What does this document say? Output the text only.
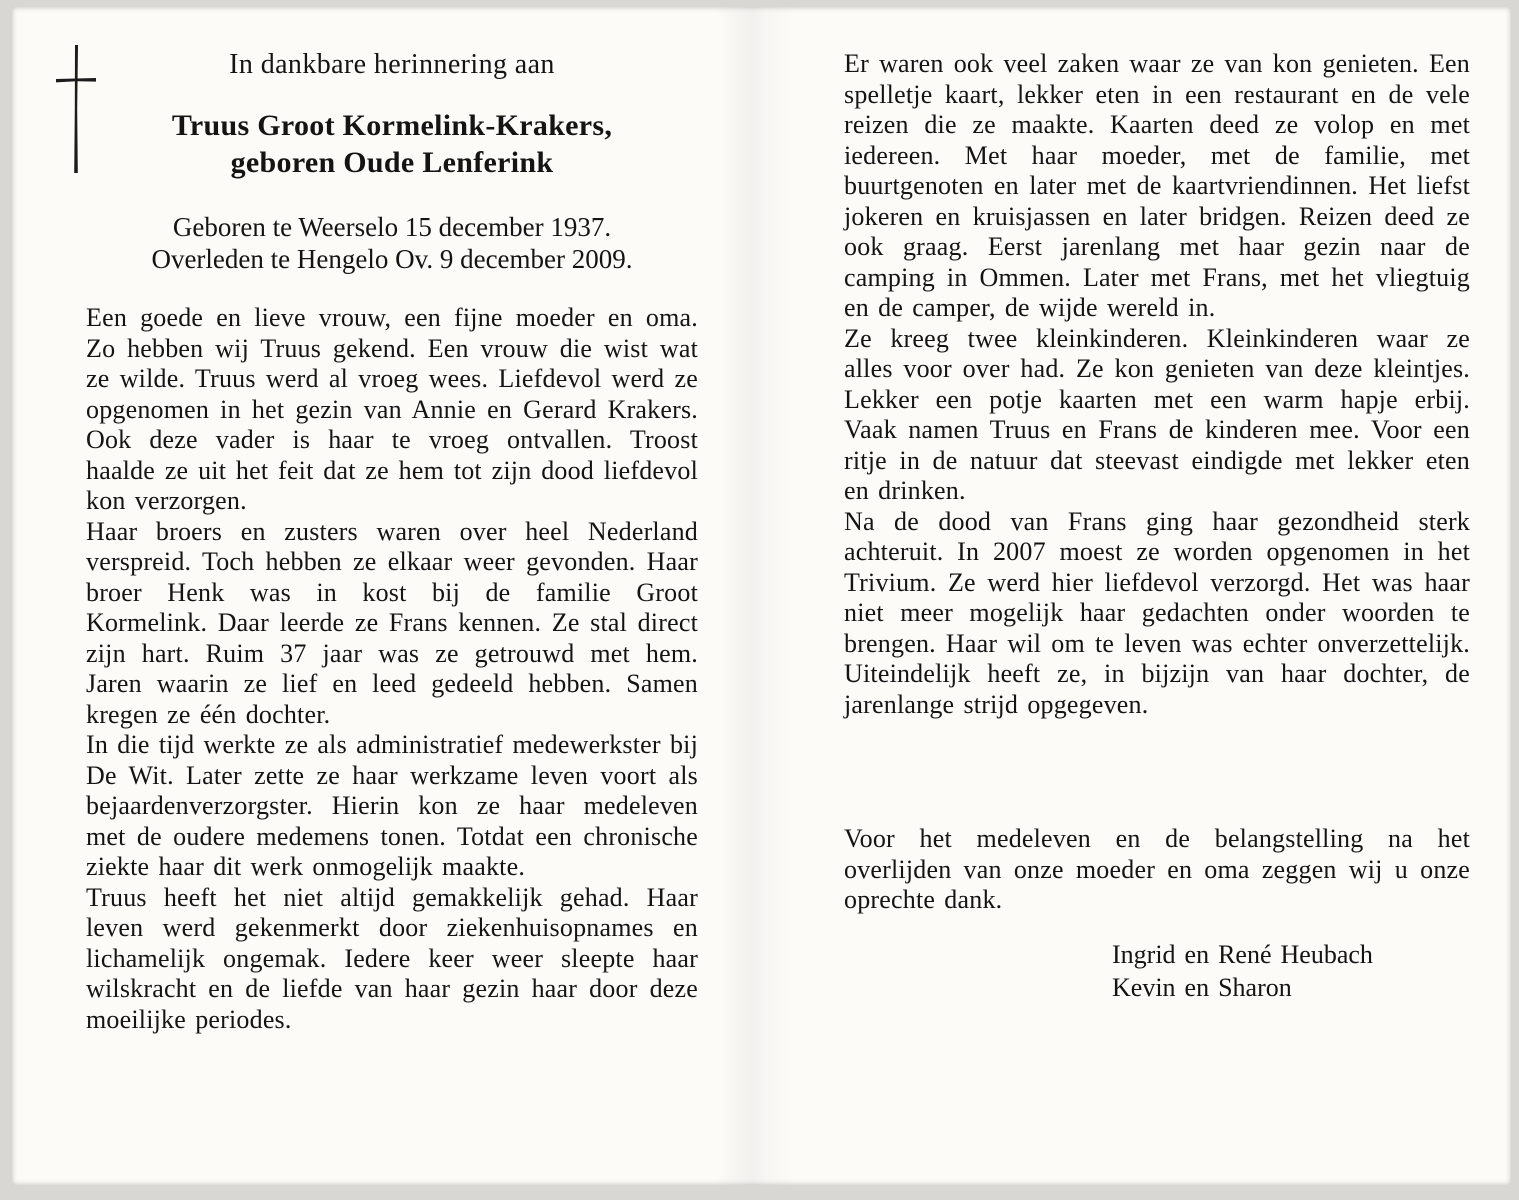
In dankbare herinnering aan
Truus Groot Kormelink-Krakers,
geboren Oude Lenferink
Geboren te Weerselo 15 december 1937.
Overleden te Hengelo Ov. 9 december 2009.

Een goede en lieve vrouw, een fijne moeder en oma. Zo hebben wij Truus gekend. Een vrouw die wist wat ze wilde. Truus werd al vroeg wees. Liefdevol werd ze opgenomen in het gezin van Annie en Gerard Krakers. Ook deze vader is haar te vroeg ontvallen. Troost haalde ze uit het feit dat ze hem tot zijn dood liefdevol kon verzorgen.

Haar broers en zusters waren over heel Nederland verspreid. Toch hebben ze elkaar weer gevonden. Haar broer Henk was in kost bij de familie Groot Kormelink. Daar leerde ze Frans kennen. Ze stal direct zijn hart. Ruim 37 jaar was ze getrouwd met hem. Jaren waarin ze lief en leed gedeeld hebben. Samen kregen ze één dochter.

In die tijd werkte ze als administratief medewerkster bij De Wit. Later zette ze haar werkzame leven voort als bejaardenverzorgster. Hierin kon ze haar medeleven met de oudere medemens tonen. Totdat een chronische ziekte haar dit werk onmogelijk maakte.

Truus heeft het niet altijd gemakkelijk gehad. Haar leven werd gekenmerkt door ziekenhuisopnames en lichamelijk ongemak. Iedere keer weer sleepte haar wilskracht en de liefde van haar gezin haar door deze moeilijke periodes.

Er waren ook veel zaken waar ze van kon genieten. Een spelletje kaart, lekker eten in een restaurant en de vele reizen die ze maakte. Kaarten deed ze volop en met iedereen. Met haar moeder, met de familie, met buurtgenoten en later met de kaartvriendinnen. Het liefst jokeren en kruisjassen en later bridgen. Reizen deed ze ook graag. Eerst jarenlang met haar gezin naar de camping in Ommen. Later met Frans, met het vliegtuig en de camper, de wijde wereld in.

Ze kreeg twee kleinkinderen. Kleinkinderen waar ze alles voor over had. Ze kon genieten van deze kleintjes. Lekker een potje kaarten met een warm hapje erbij. Vaak namen Truus en Frans de kinderen mee. Voor een ritje in de natuur dat steevast eindigde met lekker eten en drinken.

Na de dood van Frans ging haar gezondheid sterk achteruit. In 2007 moest ze worden opgenomen in het Trivium. Ze werd hier liefdevol verzorgd. Het was haar niet meer mogelijk haar gedachten onder woorden te brengen. Haar wil om te leven was echter onverzettelijk. Uiteindelijk heeft ze, in bijzijn van haar dochter, de jarenlange strijd opgegeven.

Voor het medeleven en de belangstelling na het overlijden van onze moeder en oma zeggen wij u onze oprechte dank.

Ingrid en René Heubach
Kevin en Sharon
